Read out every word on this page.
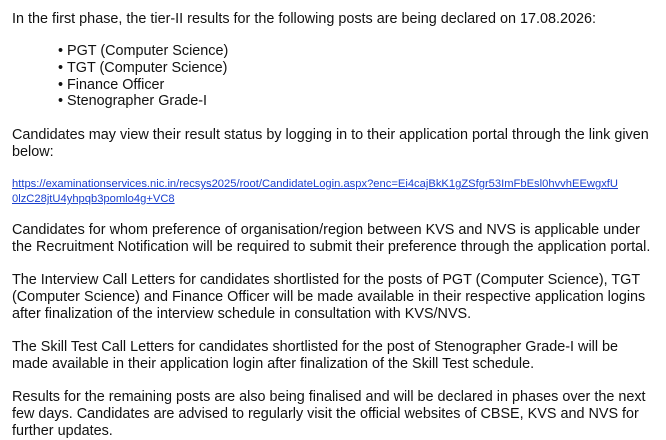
In the first phase, the tier-II results for the following posts are being declared on 17.08.2026:
• PGT (Computer Science)
• TGT (Computer Science)
• Finance Officer
• Stenographer Grade-I
Candidates may view their result status by logging in to their application portal through the link given
below:
https://examinationservices.nic.in/recsys2025/root/CandidateLogin.aspx?enc=Ei4cajBkK1gZSfgr53ImFbEsl0hvvhEEwgxfU
0lzC28jtU4yhpqb3pomlo4g+VC8
Candidates for whom preference of organisation/region between KVS and NVS is applicable under
the Recruitment Notification will be required to submit their preference through the application portal.
The Interview Call Letters for candidates shortlisted for the posts of PGT (Computer Science), TGT
(Computer Science) and Finance Officer will be made available in their respective application logins
after finalization of the interview schedule in consultation with KVS/NVS.
The Skill Test Call Letters for candidates shortlisted for the post of Stenographer Grade-I will be
made available in their application login after finalization of the Skill Test schedule.
Results for the remaining posts are also being finalised and will be declared in phases over the next
few days. Candidates are advised to regularly visit the official websites of CBSE, KVS and NVS for
further updates.
